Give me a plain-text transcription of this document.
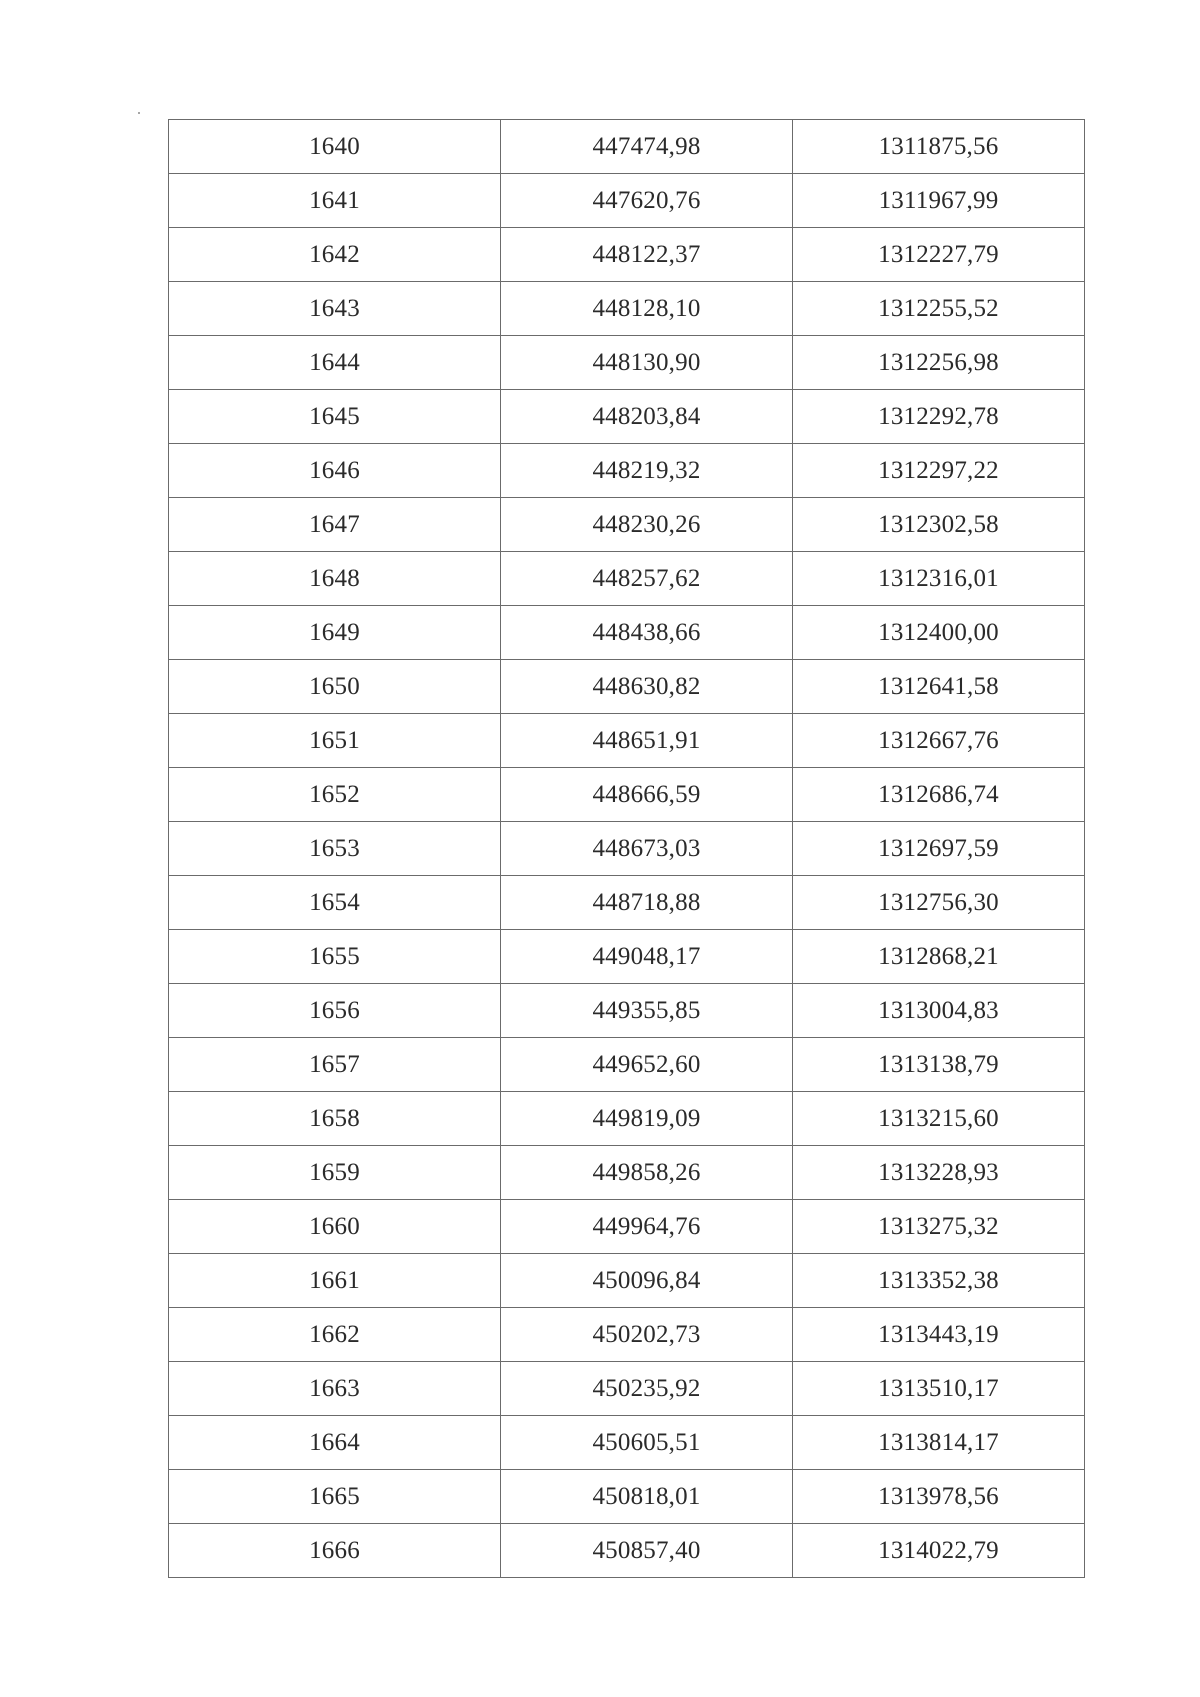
1640	447474,98	1311875,56
1641	447620,76	1311967,99
1642	448122,37	1312227,79
1643	448128,10	1312255,52
1644	448130,90	1312256,98
1645	448203,84	1312292,78
1646	448219,32	1312297,22
1647	448230,26	1312302,58
1648	448257,62	1312316,01
1649	448438,66	1312400,00
1650	448630,82	1312641,58
1651	448651,91	1312667,76
1652	448666,59	1312686,74
1653	448673,03	1312697,59
1654	448718,88	1312756,30
1655	449048,17	1312868,21
1656	449355,85	1313004,83
1657	449652,60	1313138,79
1658	449819,09	1313215,60
1659	449858,26	1313228,93
1660	449964,76	1313275,32
1661	450096,84	1313352,38
1662	450202,73	1313443,19
1663	450235,92	1313510,17
1664	450605,51	1313814,17
1665	450818,01	1313978,56
1666	450857,40	1314022,79
